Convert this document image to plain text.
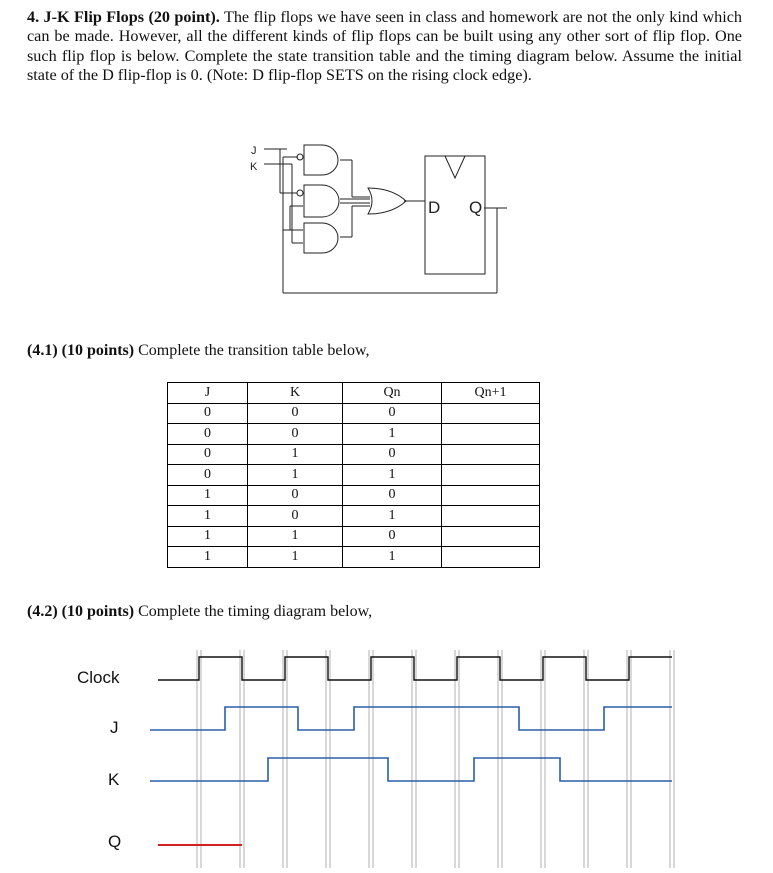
4. J-K Flip Flops (20 point). The flip flops we have seen in class and homework are not the only kind which can be made. However, all the different kinds of flip flops can be built using any other sort of flip flop. One such flip flop is below. Complete the state transition table and the timing diagram below. Assume the initial state of the D flip-flop is 0. (Note: D flip-flop SETS on the rising clock edge).

J
K
D Q

(4.1) (10 points) Complete the transition table below,

J	K	Qn	Qn+1
0	0	0	
0	0	1	
0	1	0	
0	1	1	
1	0	0	
1	0	1	
1	1	0	
1	1	1	

(4.2) (10 points) Complete the timing diagram below,

Clock
J
K
Q
